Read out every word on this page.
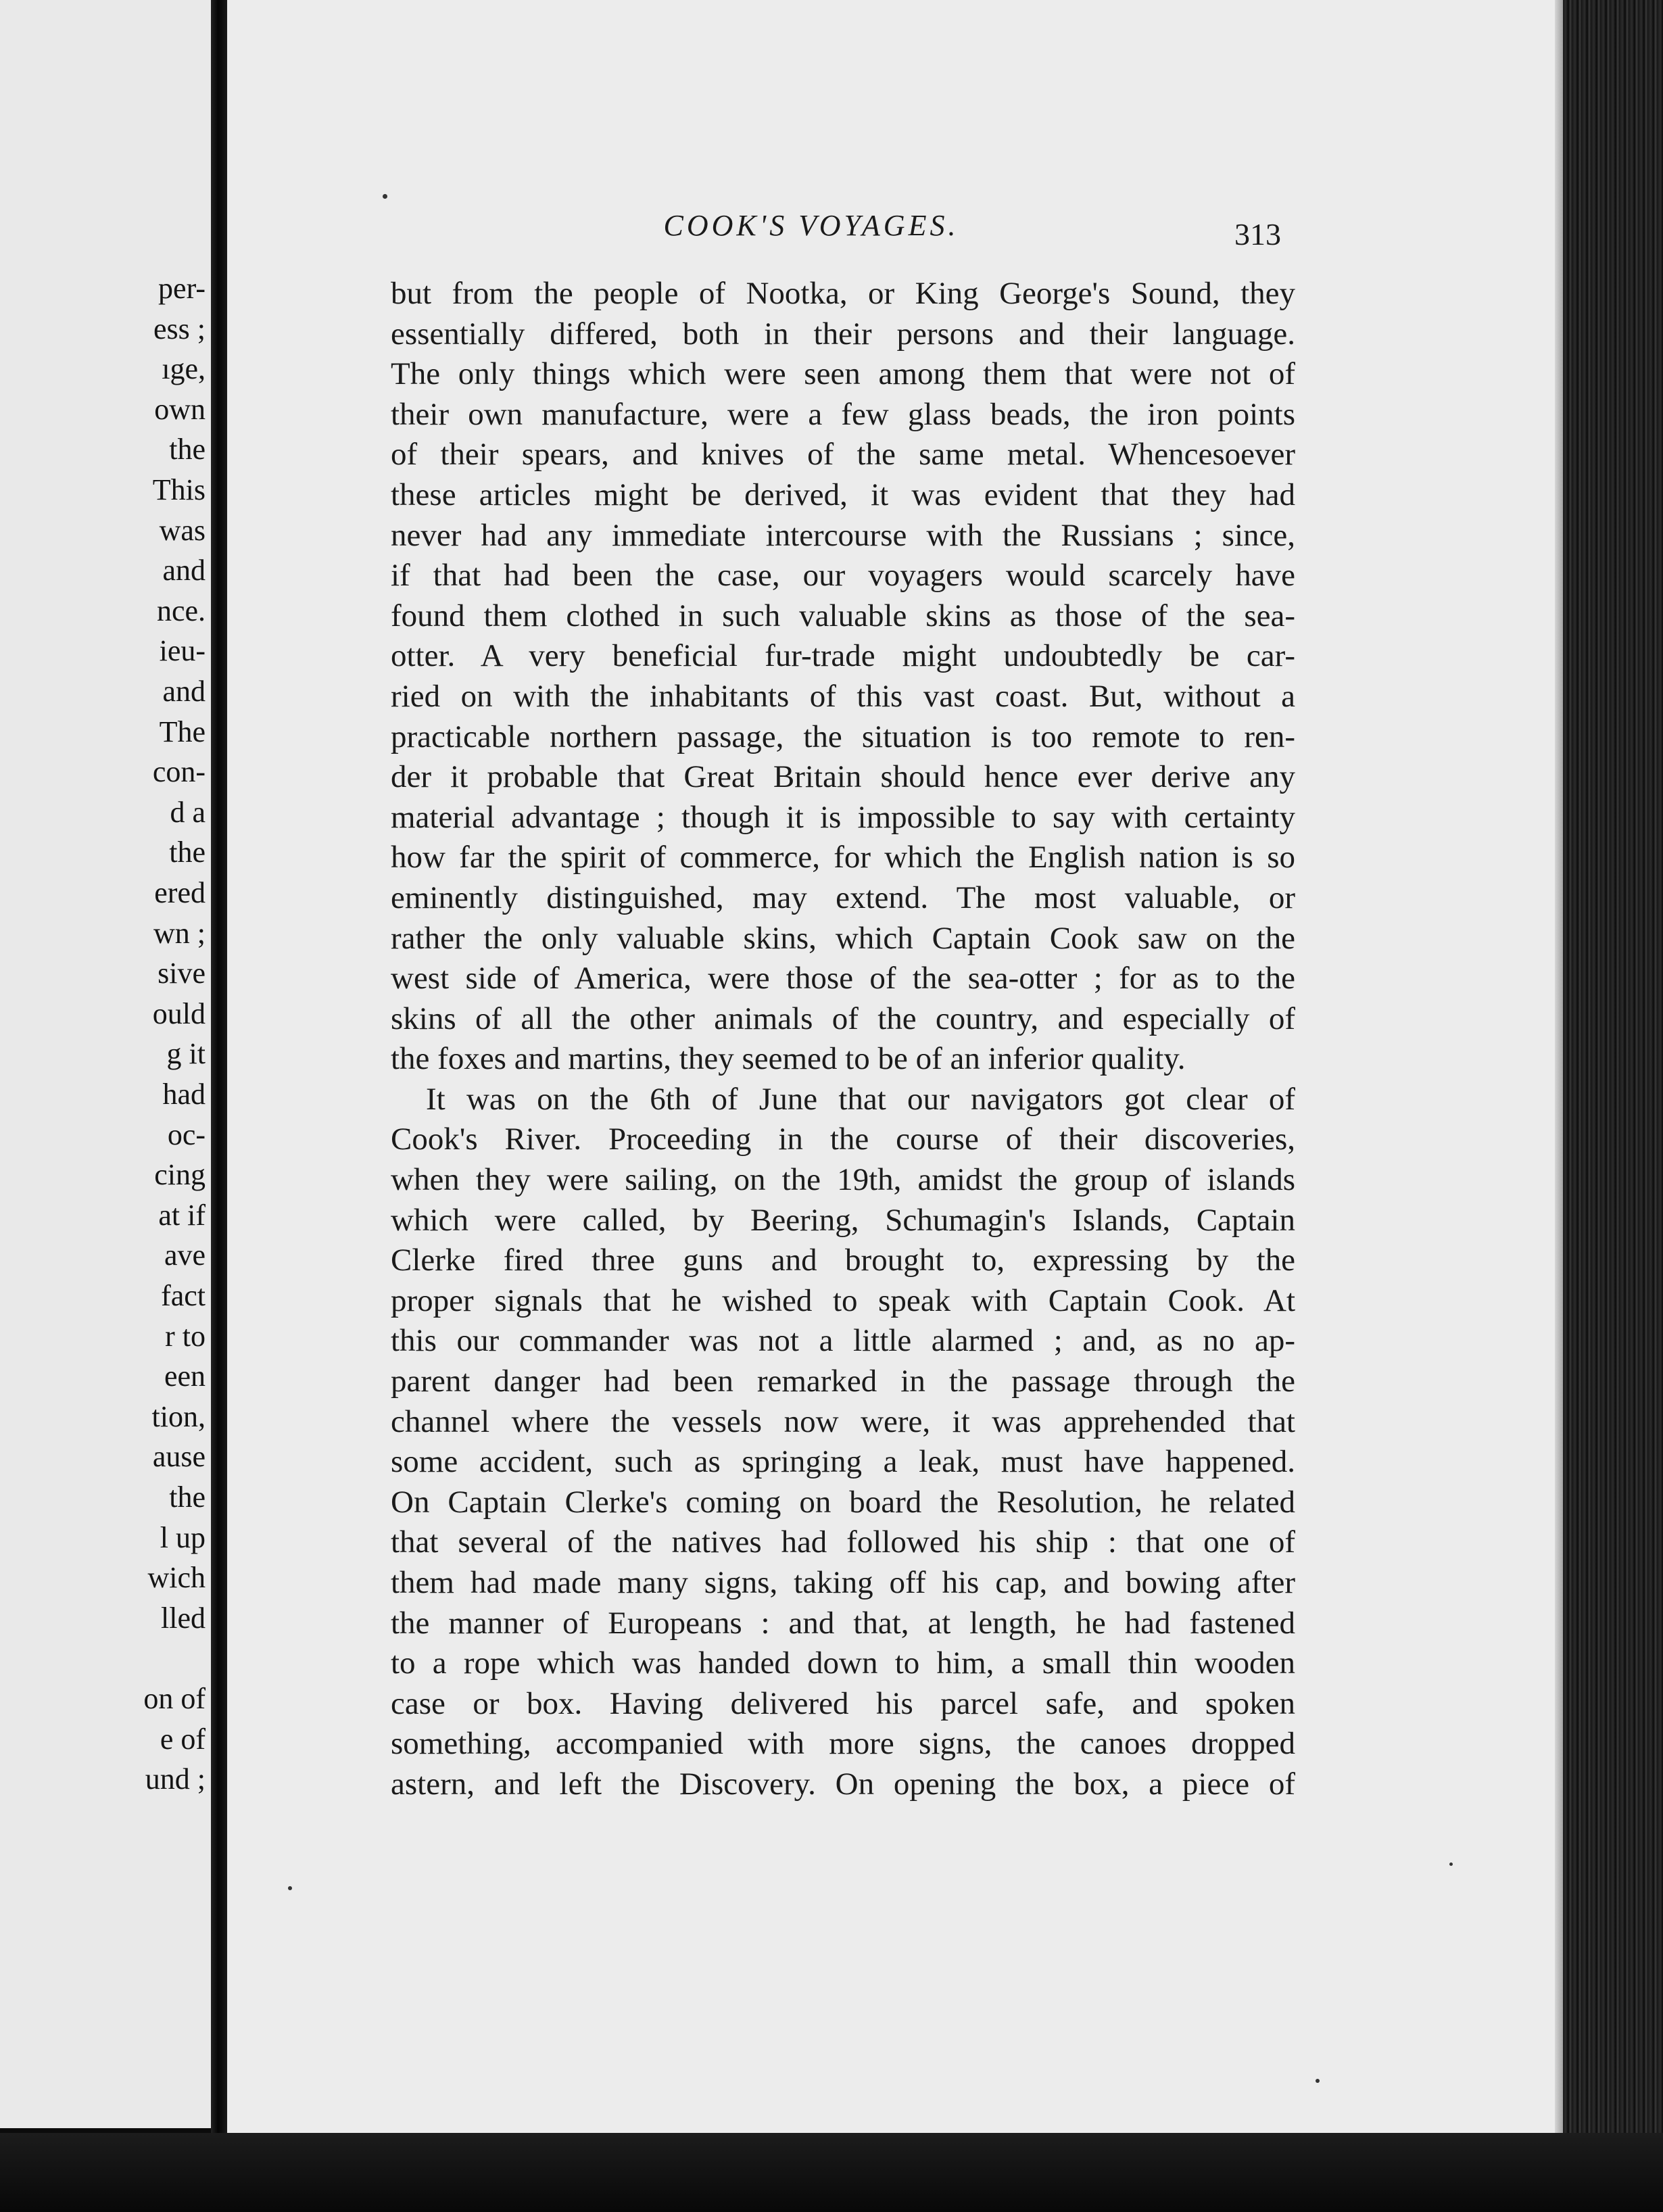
per-
ess ;
ıge,
own
the
This
was
and
nce.
ieu-
and
The
con-
d a
the
ered
wn ;
sive
ould
g it
had
oc-
cing
at if
ave
fact
r to
een
tion,
ause
the
l up
wich
lled
on of
e of
und ;
COOK'S VOYAGES.	313
but from the people of Nootka, or King George's Sound, they
essentially differed, both in their persons and their language.
The only things which were seen among them that were not of
their own manufacture, were a few glass beads, the iron points
of their spears, and knives of the same metal. Whencesoever
these articles might be derived, it was evident that they had
never had any immediate intercourse with the Russians ; since,
if that had been the case, our voyagers would scarcely have
found them clothed in such valuable skins as those of the sea-
otter. A very beneficial fur-trade might undoubtedly be car-
ried on with the inhabitants of this vast coast. But, without a
practicable northern passage, the situation is too remote to ren-
der it probable that Great Britain should hence ever derive any
material advantage ; though it is impossible to say with certainty
how far the spirit of commerce, for which the English nation is so
eminently distinguished, may extend. The most valuable, or
rather the only valuable skins, which Captain Cook saw on the
west side of America, were those of the sea-otter ; for as to the
skins of all the other animals of the country, and especially of
the foxes and martins, they seemed to be of an inferior quality.
It was on the 6th of June that our navigators got clear of
Cook's River. Proceeding in the course of their discoveries,
when they were sailing, on the 19th, amidst the group of islands
which were called, by Beering, Schumagin's Islands, Captain
Clerke fired three guns and brought to, expressing by the
proper signals that he wished to speak with Captain Cook. At
this our commander was not a little alarmed ; and, as no ap-
parent danger had been remarked in the passage through the
channel where the vessels now were, it was apprehended that
some accident, such as springing a leak, must have happened.
On Captain Clerke's coming on board the Resolution, he related
that several of the natives had followed his ship : that one of
them had made many signs, taking off his cap, and bowing after
the manner of Europeans : and that, at length, he had fastened
to a rope which was handed down to him, a small thin wooden
case or box. Having delivered his parcel safe, and spoken
something, accompanied with more signs, the canoes dropped
astern, and left the Discovery. On opening the box, a piece of
